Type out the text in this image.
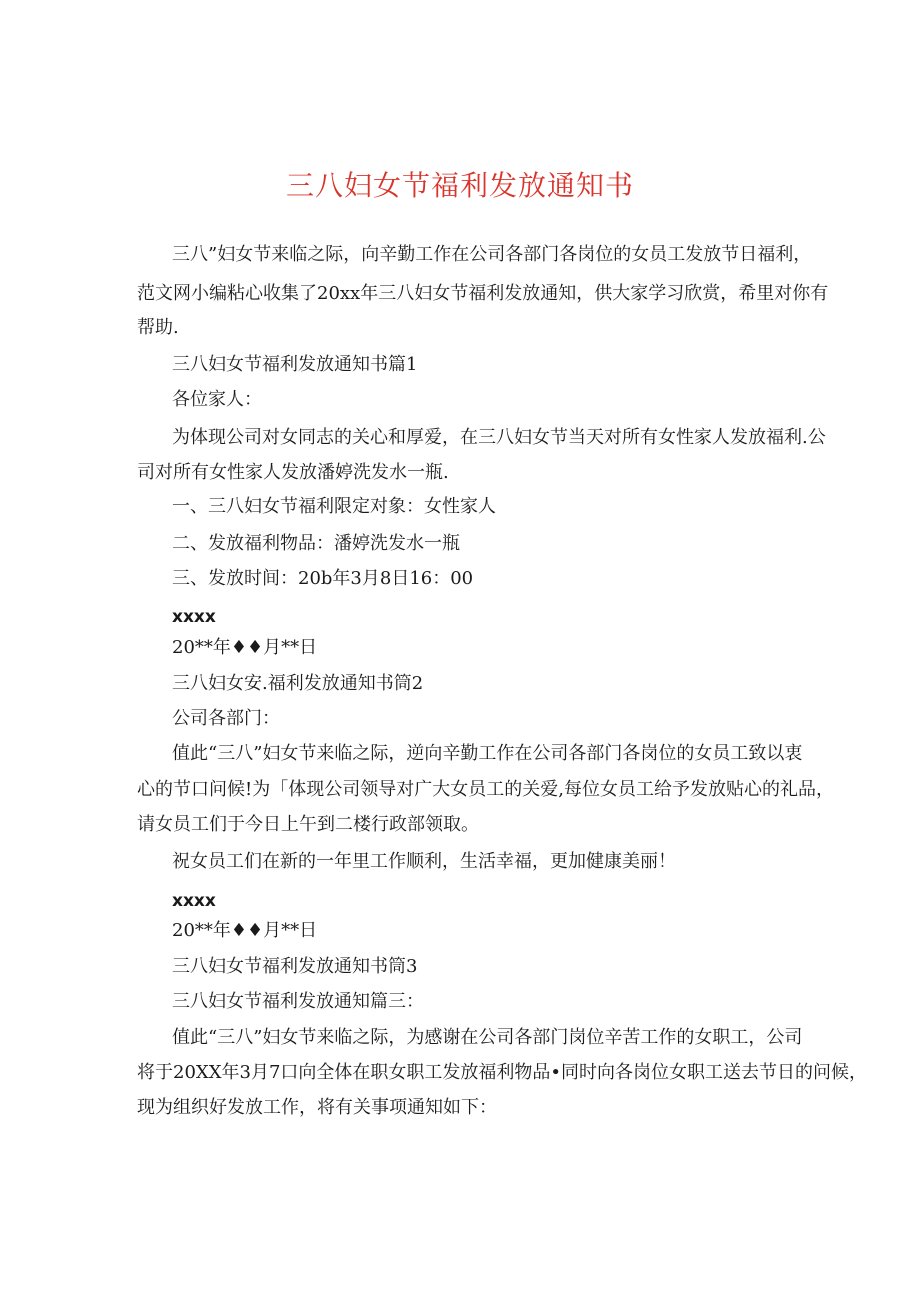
三八妇女节福利发放通知书
三八”妇女节来临之际，向辛勤工作在公司各部门各岗位的女员工发放节日福利，
范文网小编粘心收集了20xx年三八妇女节福利发放通知，供大家学习欣赏，希里对你有
帮助.
三八妇女节福利发放通知书篇1
各位家人：
为体现公司对女同志的关心和厚爱，在三八妇女节当天对所有女性家人发放福利.公
司对所有女性家人发放潘婷洗发水一瓶.
一、三八妇女节福利限定对象：女性家人
二、发放福利物品：潘婷洗发水一瓶
三、发放时间：20b年3月8日16：00
xxxx
20**年♦♦月**日
三八妇女安.福利发放通知书筒2
公司各部门：
值此“三八”妇女节来临之际，逆向辛勤工作在公司各部门各岗位的女员工致以衷
心的节口问候!为「体现公司领导对广大女员工的关爱,每位女员工给予发放贴心的礼品，
请女员工们于今日上午到二楼行政部领取。
祝女员工们在新的一年里工作顺利，生活幸福，更加健康美丽！
xxxx
20**年♦♦月**日
三八妇女节福利发放通知书筒3
三八妇女节福利发放通知篇三：
值此“三八”妇女节来临之际，为感谢在公司各部门岗位辛苦工作的女职工，公司
将于20XX年3月7口向全体在职女职工发放福利物品•同时向各岗位女职工送去节日的问候，
现为组织好发放工作，将有关事项通知如下：
